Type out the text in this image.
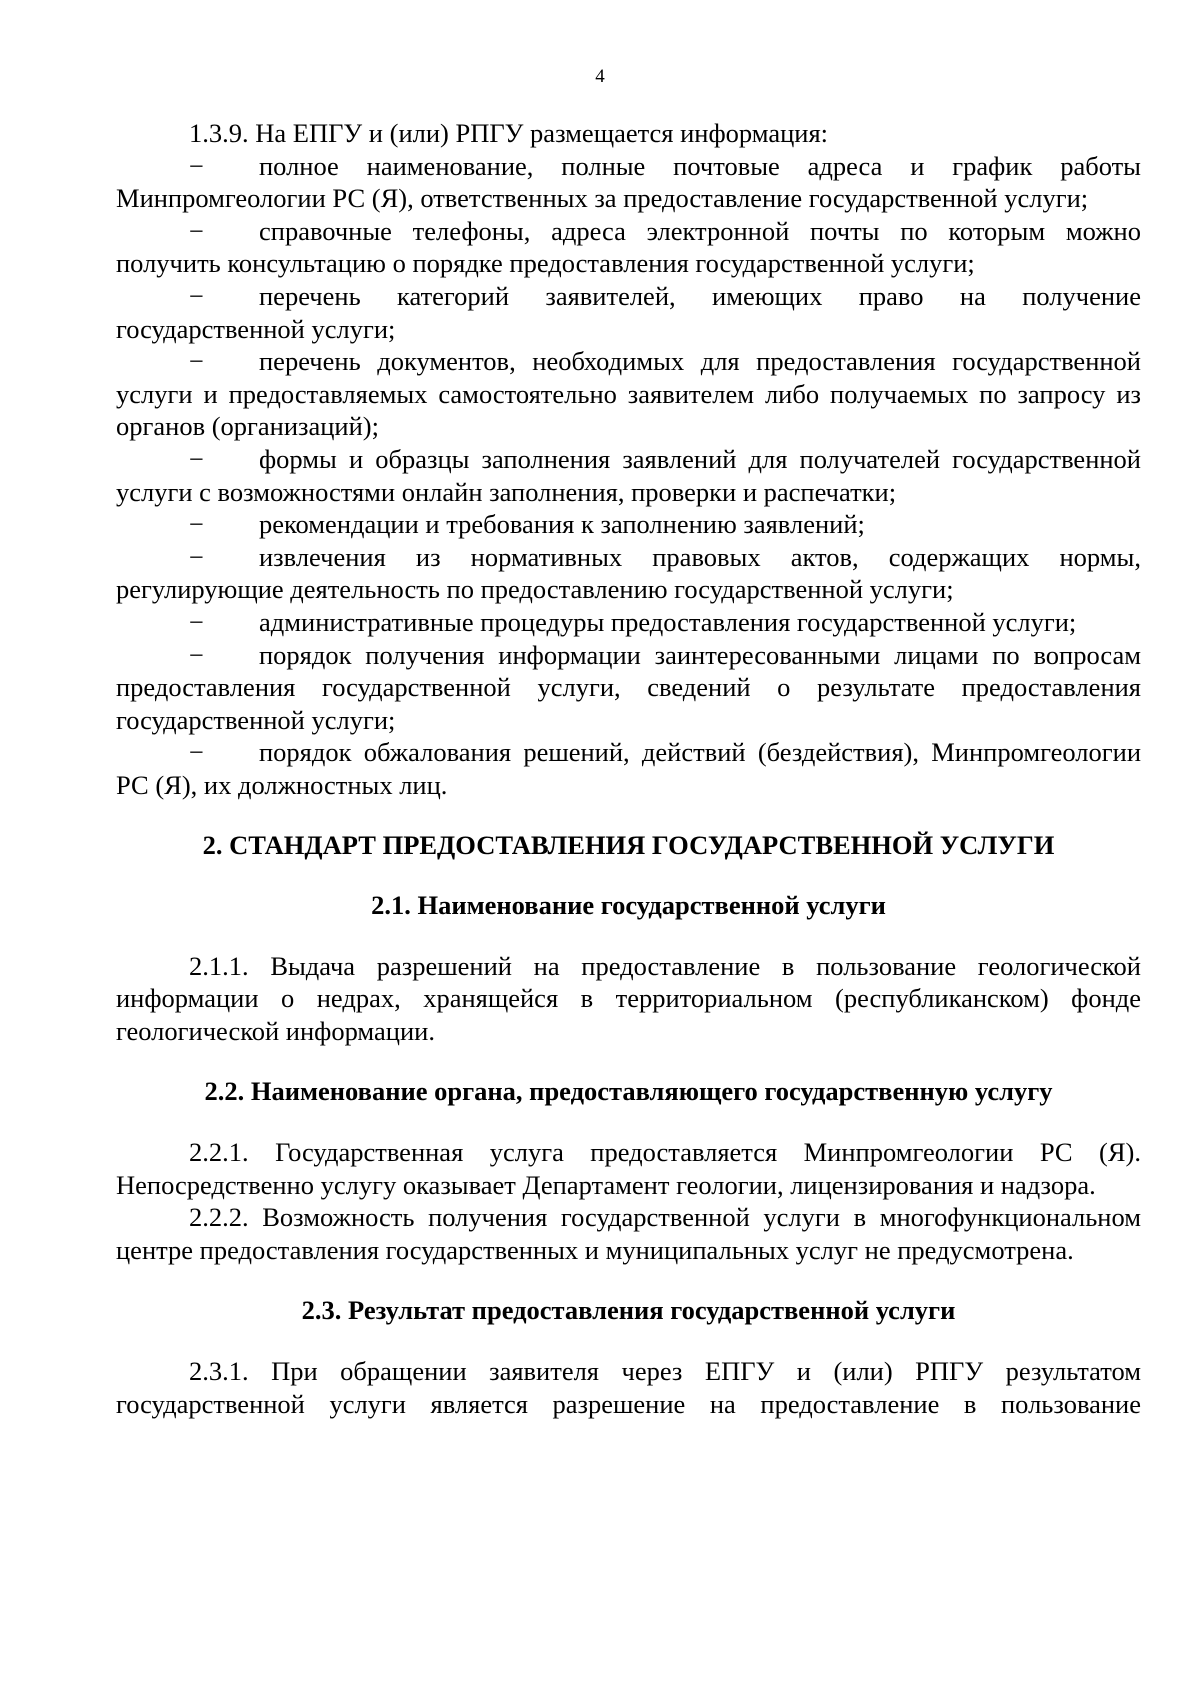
4

1.3.9. На ЕПГУ и (или) РПГУ размещается информация:

− полное наименование, полные почтовые адреса и график работы Минпромгеологии РС (Я), ответственных за предоставление государственной услуги;

− справочные телефоны, адреса электронной почты по которым можно получить консультацию о порядке предоставления государственной услуги;

− перечень категорий заявителей, имеющих право на получение государственной услуги;

− перечень документов, необходимых для предоставления государственной услуги и предоставляемых самостоятельно заявителем либо получаемых по запросу из органов (организаций);

− формы и образцы заполнения заявлений для получателей государственной услуги с возможностями онлайн заполнения, проверки и распечатки;

− рекомендации и требования к заполнению заявлений;

− извлечения из нормативных правовых актов, содержащих нормы, регулирующие деятельность по предоставлению государственной услуги;

− административные процедуры предоставления государственной услуги;

− порядок получения информации заинтересованными лицами по вопросам предоставления государственной услуги, сведений о результате предоставления государственной услуги;

− порядок обжалования решений, действий (бездействия), Минпромгеологии РС (Я), их должностных лиц.

2. СТАНДАРТ ПРЕДОСТАВЛЕНИЯ ГОСУДАРСТВЕННОЙ УСЛУГИ
2.1. Наименование государственной услуги

2.1.1. Выдача разрешений на предоставление в пользование геологической информации о недрах, хранящейся в территориальном (республиканском) фонде геологической информации.

2.2. Наименование органа, предоставляющего государственную услугу

2.2.1. Государственная услуга предоставляется Минпромгеологии РС (Я). Непосредственно услугу оказывает Департамент геологии, лицензирования и надзора.

2.2.2. Возможность получения государственной услуги в многофункциональном центре предоставления государственных и муниципальных услуг не предусмотрена.

2.3. Результат предоставления государственной услуги

2.3.1. При обращении заявителя через ЕПГУ и (или) РПГУ результатом государственной услуги является разрешение на предоставление в пользование
